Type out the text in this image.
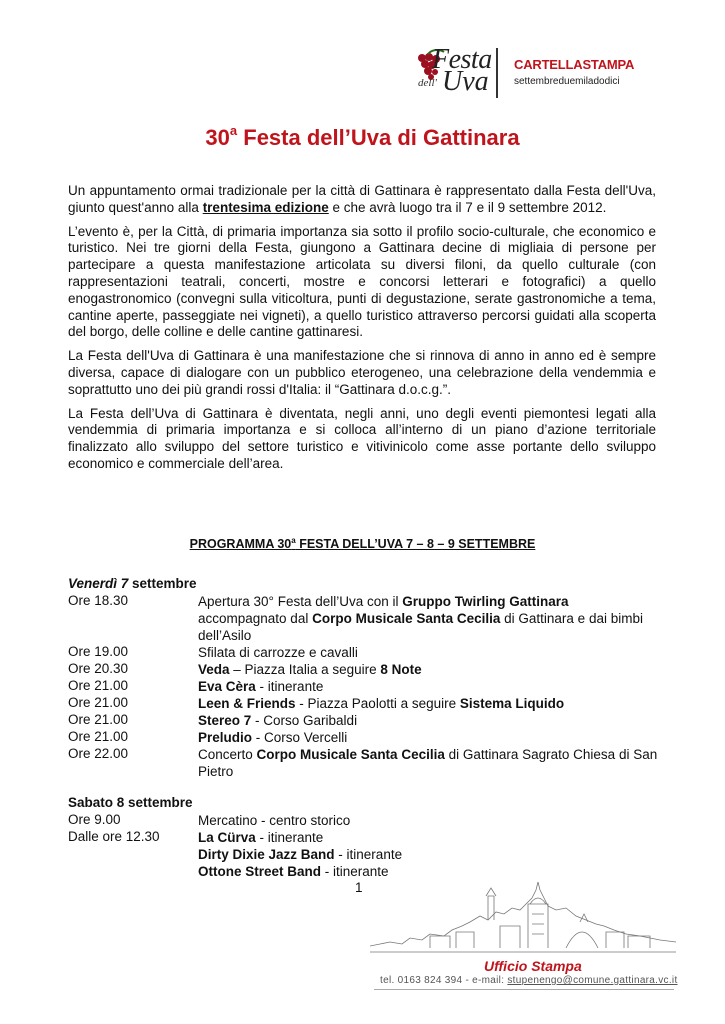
Festa
dell' Uva
CARTELLASTAMPA
settembreduemiladodici
30$^a$ Festa dell’Uva di Gattinara

Un appuntamento ormai tradizionale per la città di Gattinara è rappresentato dalla Festa dell'Uva, giunto quest'anno alla trentesima edizione e che avrà luogo tra il 7 e il 9 settembre 2012.

L’evento è, per la Città, di primaria importanza sia sotto il profilo socio-culturale, che economico e turistico. Nei tre giorni della Festa, giungono a Gattinara decine di migliaia di persone per partecipare a questa manifestazione articolata su diversi filoni, da quello culturale (con rappresentazioni teatrali, concerti, mostre e concorsi letterari e fotografici) a quello enogastronomico (convegni sulla viticoltura, punti di degustazione, serate gastronomiche a tema, cantine aperte, passeggiate nei vigneti), a quello turistico attraverso percorsi guidati alla scoperta del borgo, delle colline e delle cantine gattinaresi.

La Festa dell'Uva di Gattinara è una manifestazione che si rinnova di anno in anno ed è sempre diversa, capace di dialogare con un pubblico eterogeneo, una celebrazione della vendemmia e soprattutto uno dei più grandi rossi d'Italia: il “Gattinara d.o.c.g.”.

La Festa dell’Uva di Gattinara è diventata, negli anni, uno degli eventi piemontesi legati alla vendemmia di primaria importanza e si colloca all’interno di un piano d’azione territoriale finalizzato allo sviluppo del settore turistico e vitivinicolo come asse portante dello sviluppo economico e commerciale dell’area.

PROGRAMMA 30$^a$ FESTA DELL’UVA 7 – 8 – 9 SETTEMBRE
Venerdì 7 settembre
Ore 18.30	Apertura 30° Festa dell’Uva con il Gruppo Twirling Gattinara accompagnato dal Corpo Musicale Santa Cecilia di Gattinara e dai bimbi dell’Asilo
Ore 19.00	Sfilata di carrozze e cavalli
Ore 20.30	Veda – Piazza Italia a seguire 8 Note
Ore 21.00	Eva Cèra - itinerante
Ore 21.00	Leen & Friends - Piazza Paolotti a seguire Sistema Liquido
Ore 21.00	Stereo 7 - Corso Garibaldi
Ore 21.00	Preludio - Corso Vercelli
Ore 22.00	Concerto Corpo Musicale Santa Cecilia di Gattinara Sagrato Chiesa di San Pietro
Sabato 8 settembre
Ore 9.00	Mercatino - centro storico
Dalle ore 12.30	La Cürva - itinerante
Dirty Dixie Jazz Band - itinerante
Ottone Street Band - itinerante
1
Ufficio Stampa
tel. 0163 824 394 - e-mail: stupenengo@comune.gattinara.vc.it
